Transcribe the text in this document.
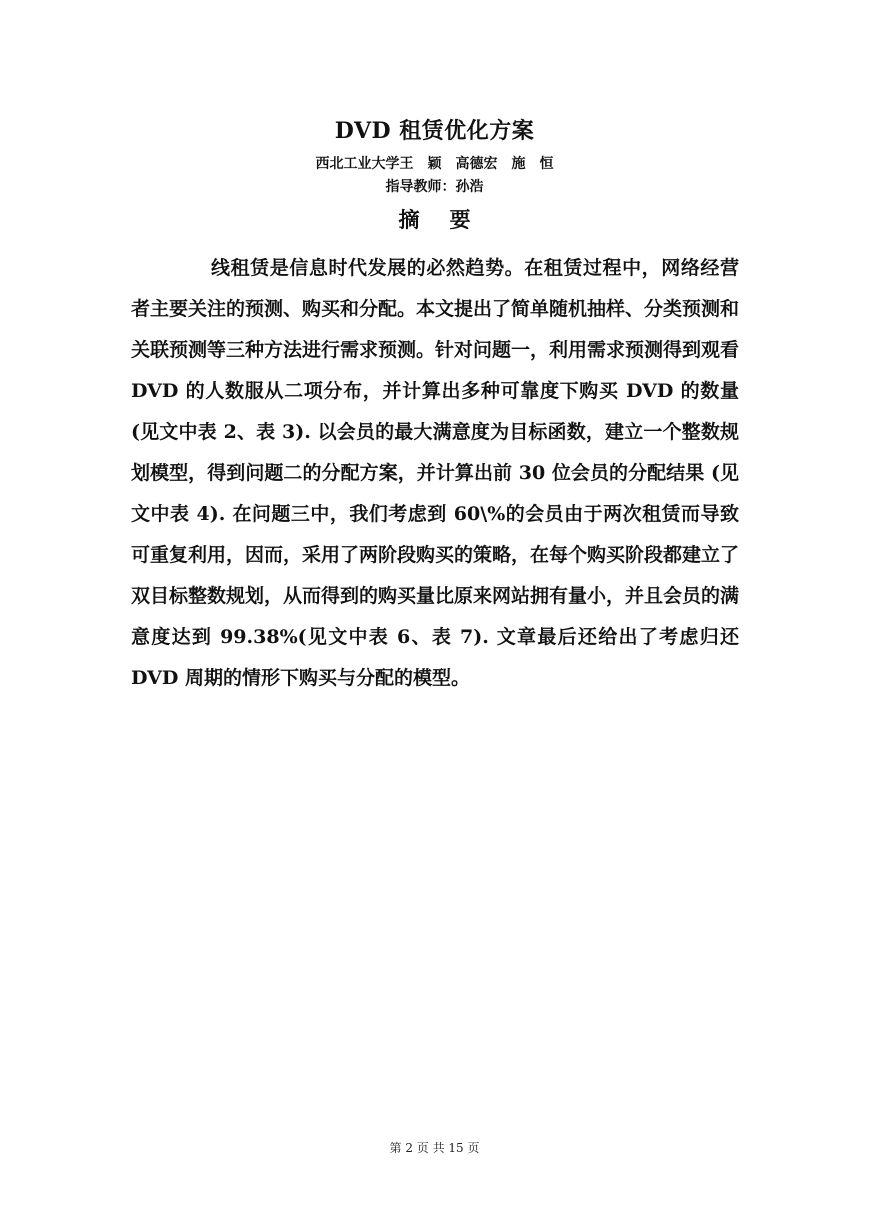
DVD 租赁优化方案
西北工业大学王　颖　高德宏　施　恒
指导教师：孙浩
摘要

线租赁是信息时代发展的必然趋势。在租赁过程中，网络经营者主要关注的预测、购买和分配。本文提出了简单随机抽样、分类预测和关联预测等三种方法进行需求预测。针对问题一，利用需求预测得到观看 DVD 的人数服从二项分布，并计算出多种可靠度下购买 DVD 的数量 (见文中表 2、表 3). 以会员的最大满意度为目标函数，建立一个整数规划模型，得到问题二的分配方案，并计算出前 30 位会员的分配结果 (见文中表 4). 在问题三中，我们考虑到 60\%的会员由于两次租赁而导致可重复利用，因而，采用了两阶段购买的策略，在每个购买阶段都建立了双目标整数规划，从而得到的购买量比原来网站拥有量小，并且会员的满意度达到 99.38%(见文中表 6、表 7). 文章最后还给出了考虑归还 DVD 周期的情形下购买与分配的模型。

第 2 页 共 15 页
